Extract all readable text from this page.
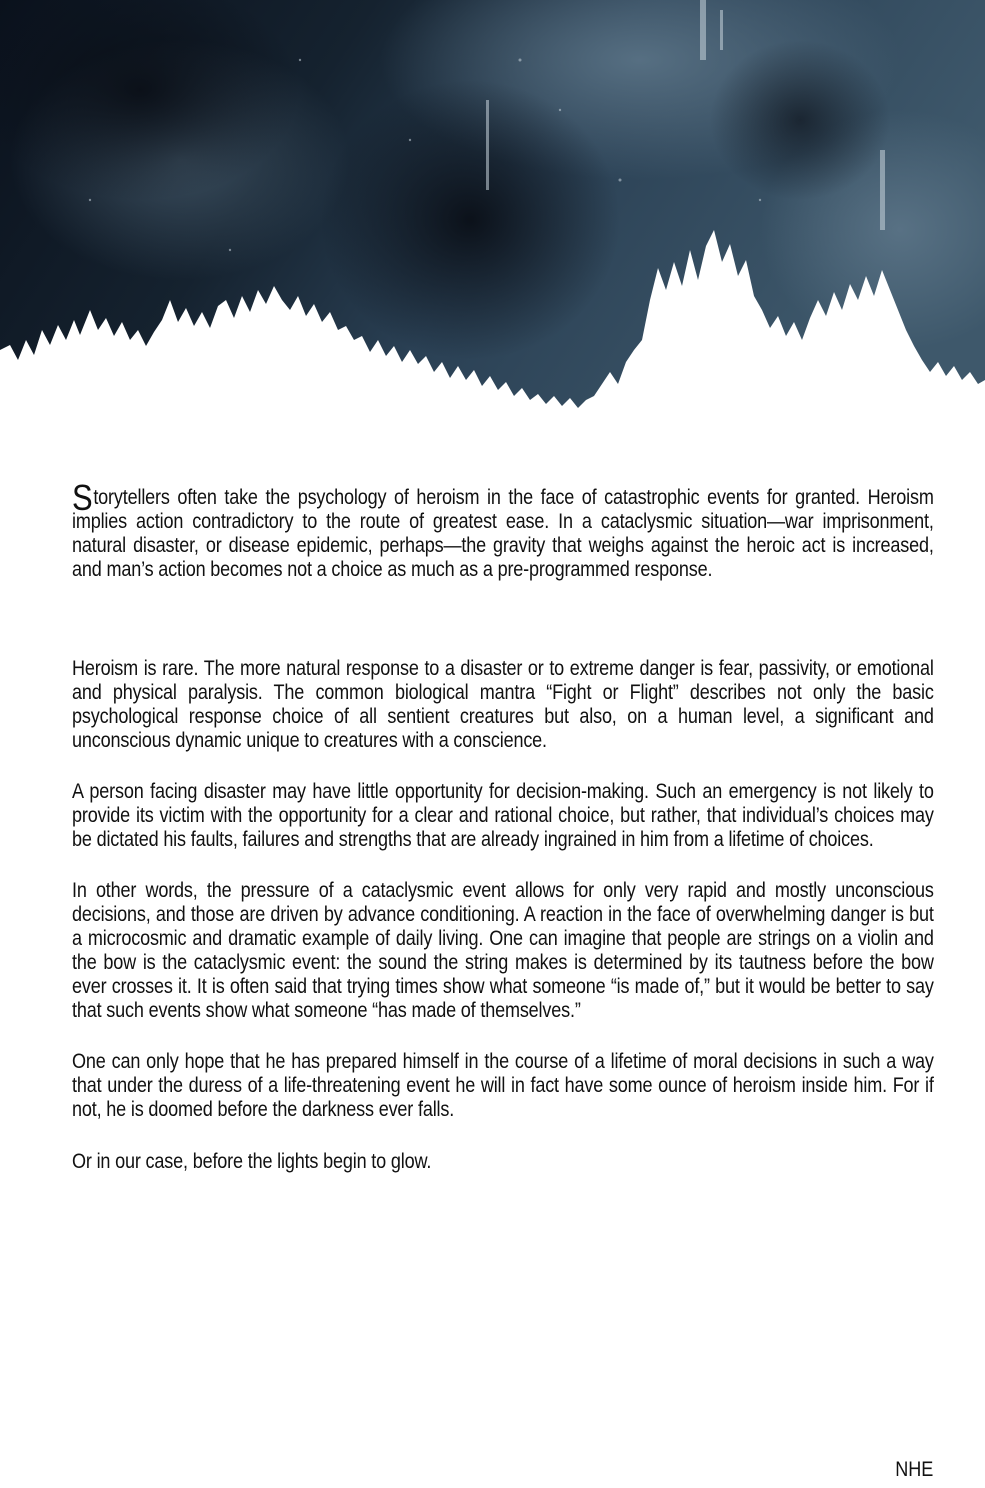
Storytellers often take the psychology of heroism in the face of catastrophic events for granted. Heroism implies action contradictory to the route of greatest ease. In a cataclysmic situation—war imprisonment, natural disaster, or disease epidemic, perhaps—the gravity that weighs against the heroic act is increased, and man’s action becomes not a choice as much as a pre-programmed response.

Heroism is rare. The more natural response to a disaster or to extreme danger is fear, passivity, or emotional and physical paralysis. The common biological mantra “Fight or Flight” describes not only the basic psychological response choice of all sentient creatures but also, on a human level, a significant and unconscious dynamic unique to creatures with a conscience.

A person facing disaster may have little opportunity for decision-making. Such an emergency is not likely to provide its victim with the opportunity for a clear and rational choice, but rather, that individual’s choices may be dictated his faults, failures and strengths that are already ingrained in him from a lifetime of choices.

In other words, the pressure of a cataclysmic event allows for only very rapid and mostly unconscious decisions, and those are driven by advance conditioning. A reaction in the face of overwhelming danger is but a microcosmic and dramatic example of daily living. One can imagine that people are strings on a violin and the bow is the cataclysmic event: the sound the string makes is determined by its tautness before the bow ever crosses it. It is often said that trying times show what someone “is made of,” but it would be better to say that such events show what someone “has made of themselves.”

One can only hope that he has prepared himself in the course of a lifetime of moral decisions in such a way that under the duress of a life-threatening event he will in fact have some ounce of heroism inside him. For if not, he is doomed before the darkness ever falls.

Or in our case, before the lights begin to glow.

NHE
